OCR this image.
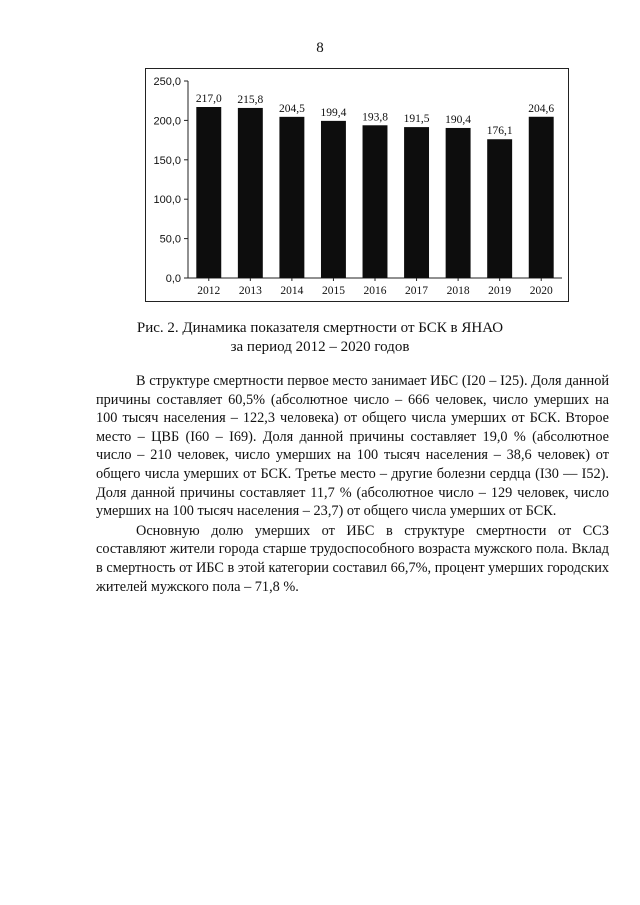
8
0,0
50,0
100,0
150,0
200,0
250,0
217,0
2012
215,8
2013
204,5
2014
199,4
2015
193,8
2016
191,5
2017
190,4
2018
176,1
2019
204,6
2020
Рис. 2. Динамика показателя смертности от БСК в ЯНАО
за период 2012 – 2020 годов

В структуре смертности первое место занимает ИБС (I20 – I25). Доля данной причины составляет 60,5% (абсолютное число – 666 человек, число умерших на 100 тысяч населения – 122,3 человека) от общего числа умерших от БСК. Второе место – ЦВБ (I60 – I69). Доля данной причины составляет 19,0 % (абсолютное число – 210 человек, число умерших на 100 тысяч населения – 38,6 человек) от общего числа умерших от БСК. Третье место – другие болезни сердца (I30 — I52). Доля данной причины составляет 11,7 % (абсолютное число – 129 человек, число умерших на 100 тысяч населения – 23,7) от общего числа умерших от БСК.

Основную долю умерших от ИБС в структуре смертности от ССЗ составляют жители города старше трудоспособного возраста мужского пола. Вклад в смертность от ИБС в этой категории составил 66,7%, процент умерших городских жителей мужского пола – 71,8 %.
